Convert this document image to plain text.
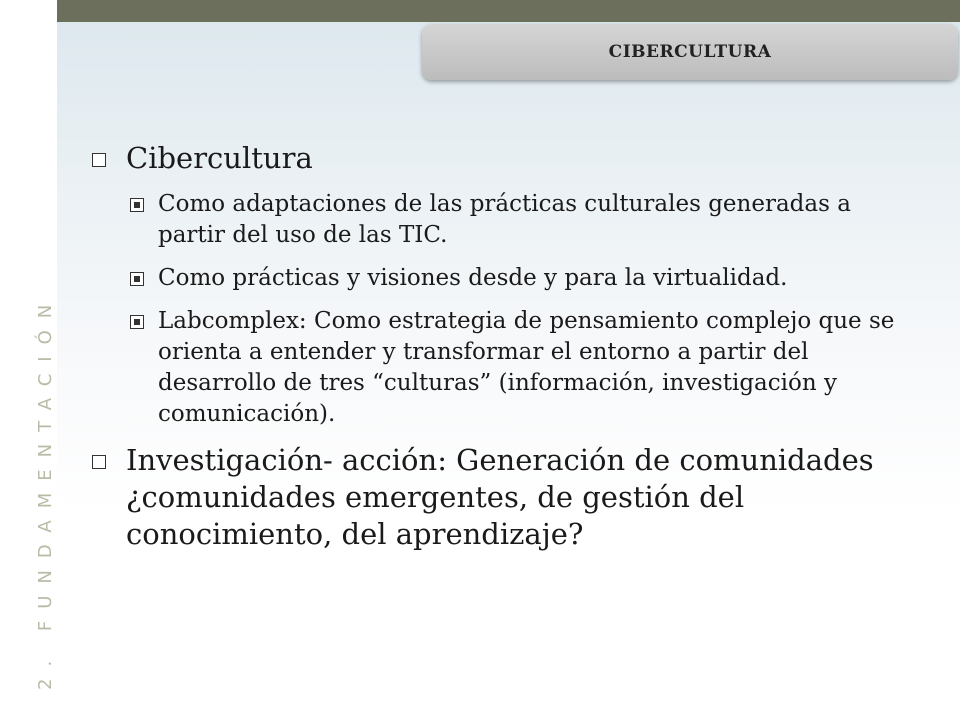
CIBERCULTURA
2. FUNDAMENTACIÓN
Cibercultura
Como adaptaciones de las prácticas culturales generadas a partir del uso de las TIC.
Como prácticas y visiones desde y para la virtualidad.
Labcomplex: Como estrategia de pensamiento complejo que se orienta a entender y transformar el entorno a partir del desarrollo de tres “culturas” (información, investigación y comunicación).
Investigación- acción: Generación de comunidades ¿comunidades emergentes, de gestión del conocimiento, del aprendizaje?
